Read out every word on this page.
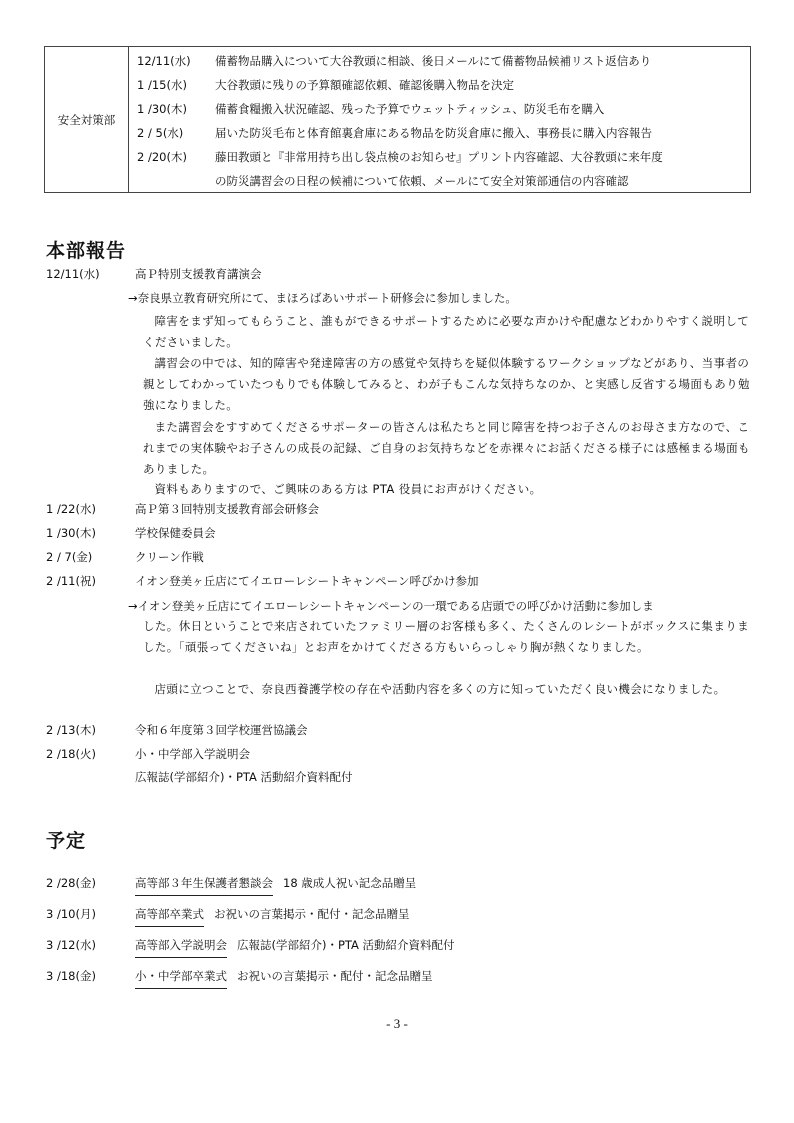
安全対策部
12/11(水) 備蓄物品購入について大谷教頭に相談、後日メールにて備蓄物品候補リスト返信あり
1 /15(水) 大谷教頭に残りの予算額確認依頼、確認後購入物品を決定
1 /30(木) 備蓄食糧搬入状況確認、残った予算でウェットティッシュ、防災毛布を購入
2 / 5(水)	届いた防災毛布と体育館裏倉庫にある物品を防災倉庫に搬入、事務長に購入内容報告
2 /20(木) 藤田教頭と『非常用持ち出し袋点検のお知らせ』プリント内容確認、大谷教頭に来年度
の防災講習会の日程の候補について依頼、メールにて安全対策部通信の内容確認
本部報告
12/11(水)	高Ｐ特別支援教育講演会
→奈良県立教育研究所にて、まほろばあいサポート研修会に参加しました。
障害をまず知ってもらうこと、誰もができるサポートするために必要な声かけや配慮などわかりやすく説明してくださいました。
講習会の中では、知的障害や発達障害の方の感覚や気持ちを疑似体験するワークショップなどがあり、当事者の親としてわかっていたつもりでも体験してみると、わが子もこんな気持ちなのか、と実感し反省する場面もあり勉強になりました。
また講習会をすすめてくださるサポーターの皆さんは私たちと同じ障害を持つお子さんのお母さま方なので、これまでの実体験やお子さんの成長の記録、ご自身のお気持ちなどを赤裸々にお話くださる様子には感極まる場面もありました。
資料もありますので、ご興味のある方は PTA 役員にお声がけください。
1 /22(水)	高Ｐ第３回特別支援教育部会研修会
1 /30(木)	学校保健委員会
2 / 7(金)	クリーン作戦
2 /11(祝)	イオン登美ヶ丘店にてイエローレシートキャンペーン呼びかけ参加
→イオン登美ヶ丘店にてイエローレシートキャンペーンの一環である店頭での呼びかけ活動に参加しま
した。休日ということで来店されていたファミリー層のお客様も多く、たくさんのレシートがボックスに集まりました。「頑張ってくださいね」とお声をかけてくださる方もいらっしゃり胸が熱くなりました。
店頭に立つことで、奈良西養護学校の存在や活動内容を多くの方に知っていただく良い機会になりました。
2 /13(木)	令和６年度第３回学校運営協議会
2 /18(火)	小・中学部入学説明会
広報誌(学部紹介)・PTA 活動紹介資料配付
予定
2 /28(金)	高等部３年生保護者懇談会 18 歳成人祝い記念品贈呈
3 /10(月)	高等部卒業式 お祝いの言葉掲示・配付・記念品贈呈
3 /12(水)	高等部入学説明会 広報誌(学部紹介)・PTA 活動紹介資料配付
3 /18(金)	小・中学部卒業式 お祝いの言葉掲示・配付・記念品贈呈
- 3 -
